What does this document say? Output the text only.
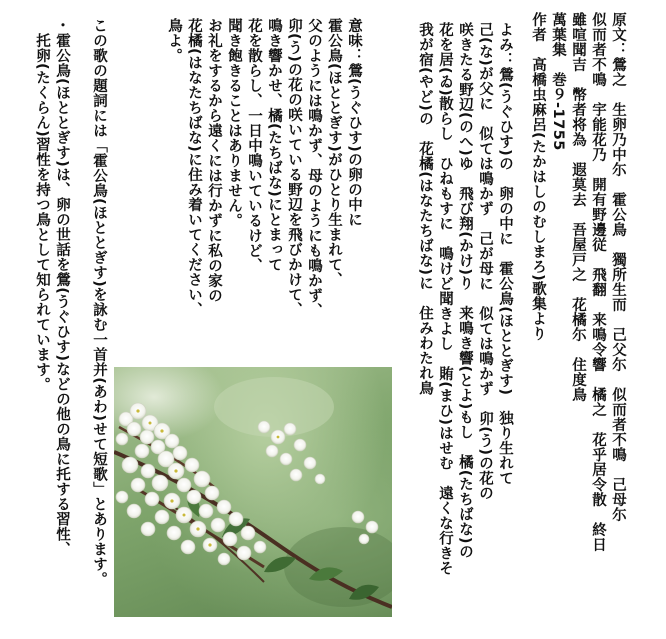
原文：鶯之　生卵乃中尓　霍公鳥　獨所生而　己父尓　似而者不鳴　己母尓
似而者不鳴　宇能花乃　開有野邊従　飛翻　来鳴令響　橘之　花乎居令散　終日
雖喧聞吉　幣者将為　遐莫去　吾屋戸之　花橘尓　住度鳥
萬葉集　巻９-1755
作者　高橋虫麻呂(たかはしのむしまろ)歌集より
よみ：鶯(うぐひす)の　卵の中に　霍公鳥(ほととぎす)　独り生れて
己(な)が父に　似ては鳴かず　己が母に　似ては鳴かず　卯(う)の花の
咲きたる野辺(のへ)ゆ　飛び翔(かけ)り　来鳴き響(とよ)もし　橘(たちばな)の
花を居(ゐ)散らし　ひねもすに　鳴けど聞きよし　賄(まひ)はせむ　遠くな行きそ
我が宿(やど)の　花橘(はなたちばな)に　住みわたれ鳥
意味：鶯(うぐひす)の卵の中に
霍公鳥(ほととぎす)がひとり生まれて、
父のようには鳴かず、母のようにも鳴かず、
卯(う)の花の咲いている野辺を飛びかけて、
鳴き響かせ、橘(たちばな)にとまって
花を散らし、一日中鳴いているけど、
聞き飽きることはありません。
お礼をするから遠くには行かずに私の家の
花橘(はなたちばな)に住み着いてください、
鳥よ。
この歌の題詞には「霍公鳥(ほととぎす)を詠む一首并(あわ)せて短歌」とあります。
・
霍公鳥(ほととぎす)は、卵の世話を鶯(うぐひす)などの他の鳥に托する習性、
托卵(たくらん)習性を持つ鳥として知られています。
